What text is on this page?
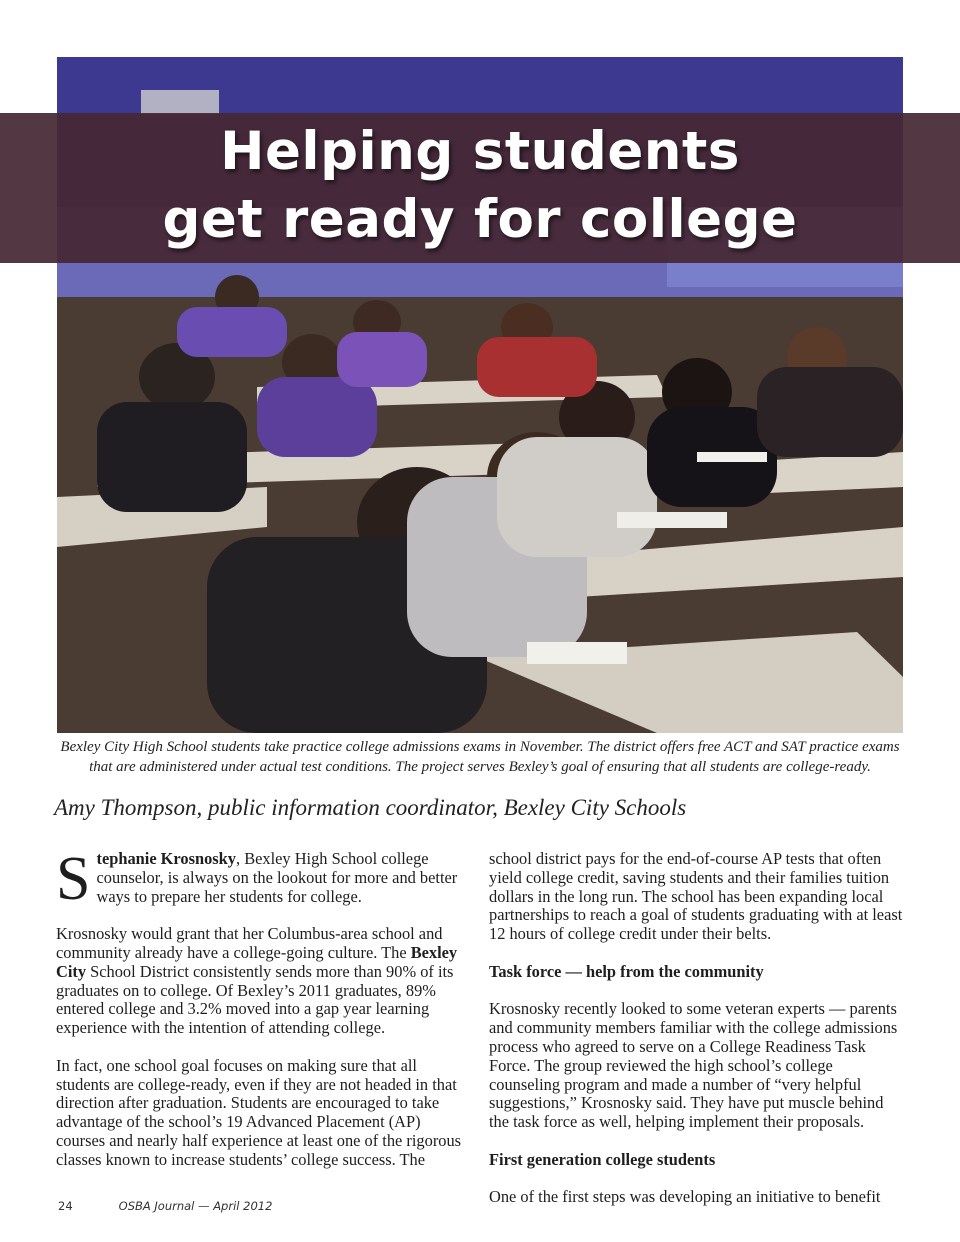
Helping students
get ready for college
Bexley City High School students take practice college admissions exams in November. The district offers free ACT and SAT practice exams that are administered under actual test conditions. The project serves Bexley’s goal of ensuring that all students are college-ready.
Amy Thompson, public information coordinator, Bexley City Schools

Stephanie Krosnosky, Bexley High School college counselor, is always on the lookout for more and better ways to prepare her students for college.

Krosnosky would grant that her Columbus-area school and community already have a college-going culture. The Bexley City School District consistently sends more than 90% of its graduates on to college. Of Bexley’s 2011 graduates, 89% entered college and 3.2% moved into a gap year learning experience with the intention of attending college.

In fact, one school goal focuses on making sure that all students are college-ready, even if they are not headed in that direction after graduation. Students are encouraged to take advantage of the school’s 19 Advanced Placement (AP) courses and nearly half experience at least one of the rigorous classes known to increase students’ college success. The

school district pays for the end-of-course AP tests that often yield college credit, saving students and their families tuition dollars in the long run. The school has been expanding local partnerships to reach a goal of students graduating with at least 12 hours of college credit under their belts.

Task force — help from the community

Krosnosky recently looked to some veteran experts — parents and community members familiar with the college admissions process who agreed to serve on a College Readiness Task Force. The group reviewed the high school’s college counseling program and made a number of “very helpful suggestions,” Krosnosky said. They have put muscle behind the task force as well, helping implement their proposals.

First generation college students

One of the first steps was developing an initiative to benefit

24	OSBA Journal — April 2012
